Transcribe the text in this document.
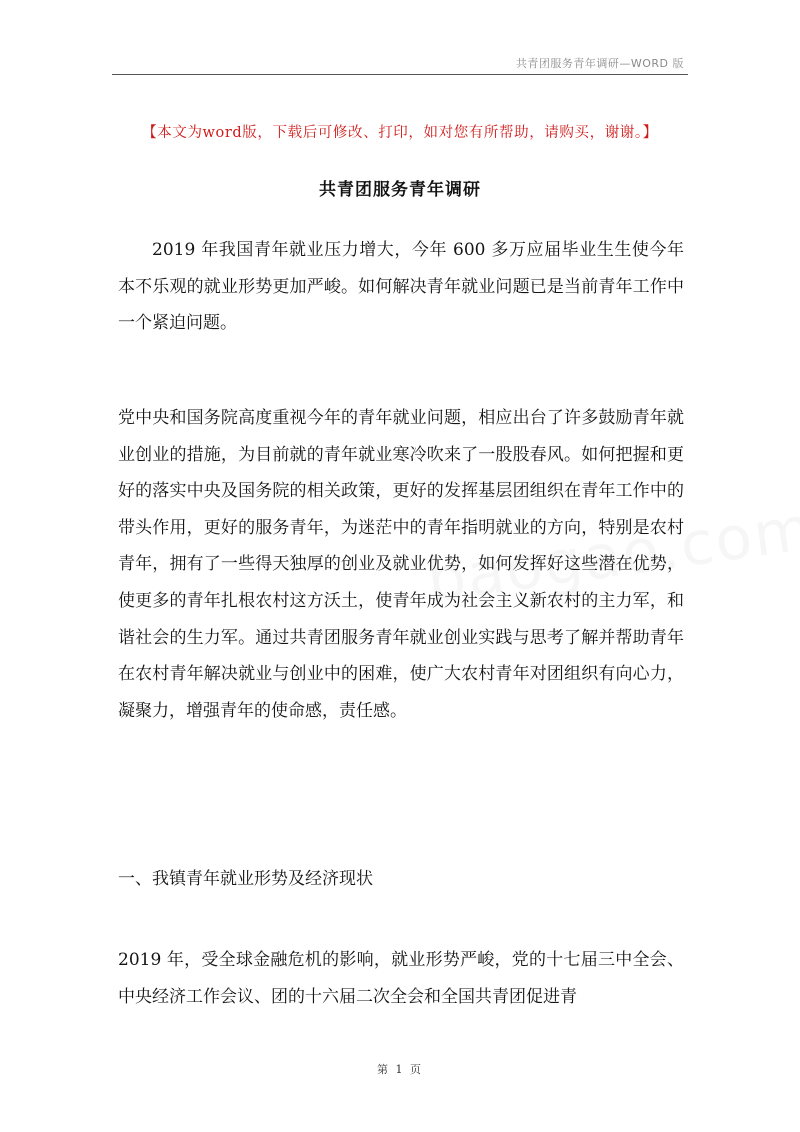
共青团服务青年调研—WORD 版
【本文为word版，下载后可修改、打印，如对您有所帮助，请购买，谢谢。】
共青团服务青年调研

2019 年我国青年就业压力增大，今年 600 多万应届毕业生生使今年本不乐观的就业形势更加严峻。如何解决青年就业问题已是当前青年工作中一个紧迫问题。

党中央和国务院高度重视今年的青年就业问题，相应出台了许多鼓励青年就业创业的措施，为目前就的青年就业寒冷吹来了一股股春风。如何把握和更好的落实中央及国务院的相关政策，更好的发挥基层团组织在青年工作中的带头作用，更好的服务青年，为迷茫中的青年指明就业的方向，特别是农村青年，拥有了一些得天独厚的创业及就业优势，如何发挥好这些潜在优势，使更多的青年扎根农村这方沃土，使青年成为社会主义新农村的主力军，和谐社会的生力军。通过共青团服务青年就业创业实践与思考了解并帮助青年在农村青年解决就业与创业中的困难，使广大农村青年对团组织有向心力，凝聚力，增强青年的使命感，责任感。

一、我镇青年就业形势及经济现状

2019 年，受全球金融危机的影响，就业形势严峻，党的十七届三中全会、中央经济工作会议、团的十六届二次全会和全国共青团促进青

第 1 页
